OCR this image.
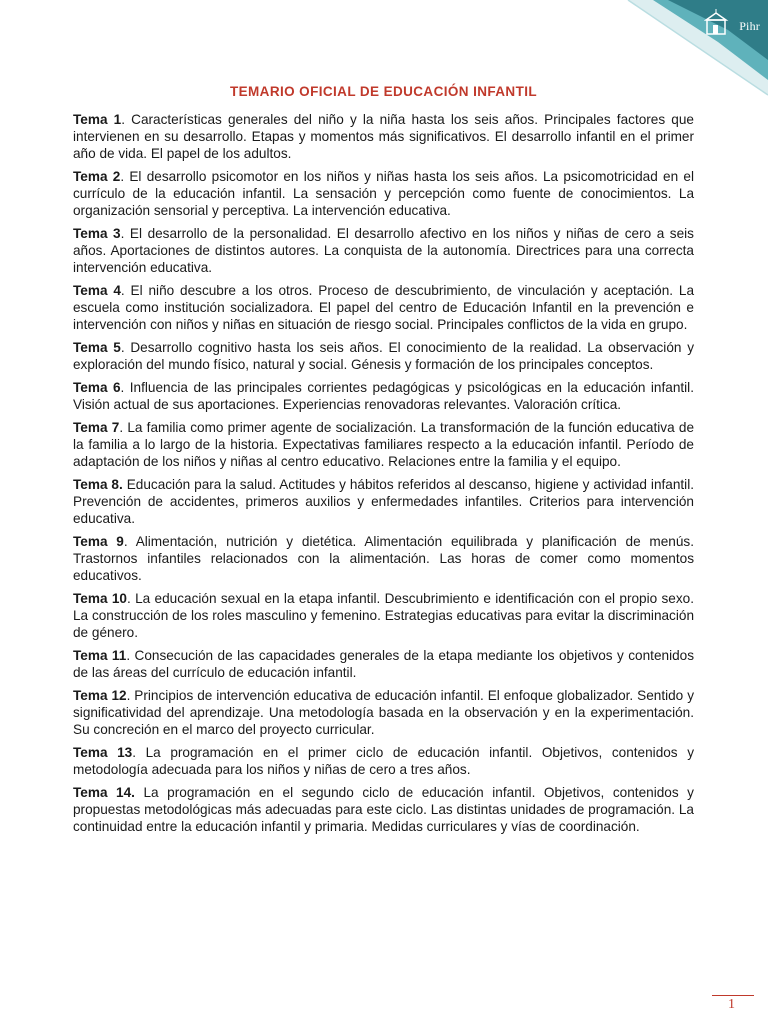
Pihr
TEMARIO OFICIAL DE EDUCACIÓN INFANTIL

Tema 1. Características generales del niño y la niña hasta los seis años. Principales factores que intervienen en su desarrollo. Etapas y momentos más significativos. El desarrollo infantil en el primer año de vida. El papel de los adultos.

Tema 2. El desarrollo psicomotor en los niños y niñas hasta los seis años. La psicomotricidad en el currículo de la educación infantil. La sensación y percepción como fuente de conocimientos. La organización sensorial y perceptiva. La intervención educativa.

Tema 3. El desarrollo de la personalidad. El desarrollo afectivo en los niños y niñas de cero a seis años. Aportaciones de distintos autores. La conquista de la autonomía. Directrices para una correcta intervención educativa.

Tema 4. El niño descubre a los otros. Proceso de descubrimiento, de vinculación y aceptación. La escuela como institución socializadora. El papel del centro de Educación Infantil en la prevención e intervención con niños y niñas en situación de riesgo social. Principales conflictos de la vida en grupo.

Tema 5. Desarrollo cognitivo hasta los seis años. El conocimiento de la realidad. La observación y exploración del mundo físico, natural y social. Génesis y formación de los principales conceptos.

Tema 6. Influencia de las principales corrientes pedagógicas y psicológicas en la educación infantil. Visión actual de sus aportaciones. Experiencias renovadoras relevantes. Valoración crítica.

Tema 7. La familia como primer agente de socialización. La transformación de la función educativa de la familia a lo largo de la historia. Expectativas familiares respecto a la educación infantil. Período de adaptación de los niños y niñas al centro educativo. Relaciones entre la familia y el equipo.

Tema 8. Educación para la salud. Actitudes y hábitos referidos al descanso, higiene y actividad infantil. Prevención de accidentes, primeros auxilios y enfermedades infantiles. Criterios para intervención educativa.

Tema 9. Alimentación, nutrición y dietética. Alimentación equilibrada y planificación de menús. Trastornos infantiles relacionados con la alimentación. Las horas de comer como momentos educativos.

Tema 10. La educación sexual en la etapa infantil. Descubrimiento e identificación con el propio sexo. La construcción de los roles masculino y femenino. Estrategias educativas para evitar la discriminación de género.

Tema 11. Consecución de las capacidades generales de la etapa mediante los objetivos y contenidos de las áreas del currículo de educación infantil.

Tema 12. Principios de intervención educativa de educación infantil. El enfoque globalizador. Sentido y significatividad del aprendizaje. Una metodología basada en la observación y en la experimentación. Su concreción en el marco del proyecto curricular.

Tema 13. La programación en el primer ciclo de educación infantil. Objetivos, contenidos y metodología adecuada para los niños y niñas de cero a tres años.

Tema 14. La programación en el segundo ciclo de educación infantil. Objetivos, contenidos y propuestas metodológicas más adecuadas para este ciclo. Las distintas unidades de programación. La continuidad entre la educación infantil y primaria. Medidas curriculares y vías de coordinación.

1
